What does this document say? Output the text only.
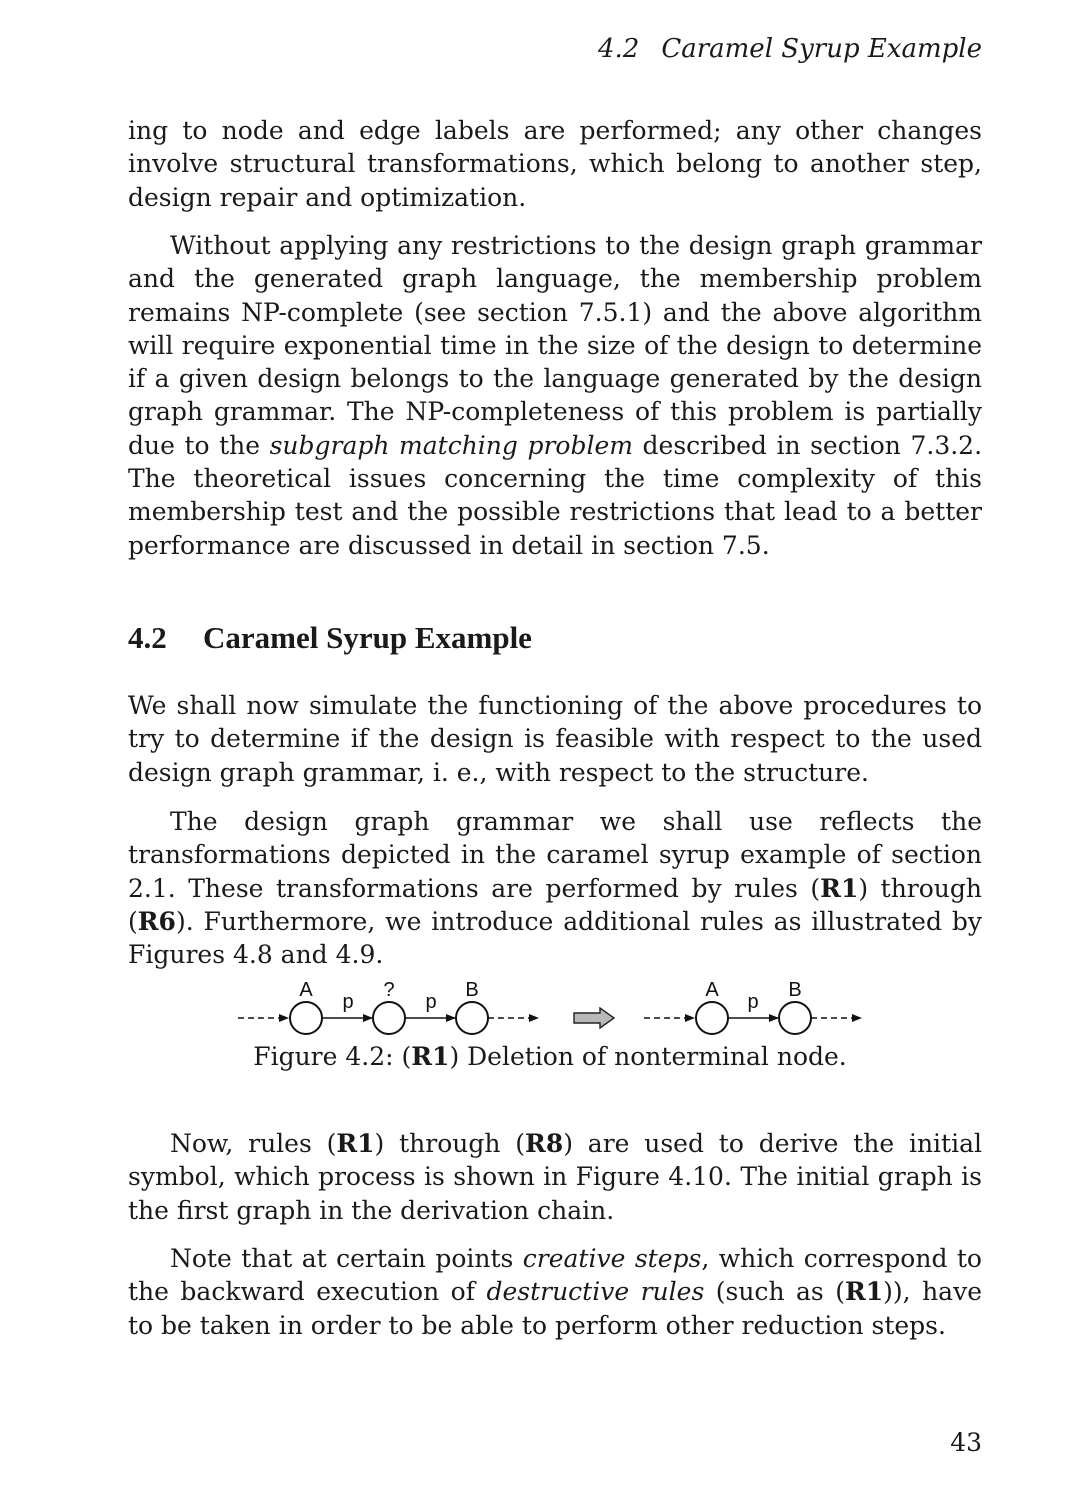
4.2 Caramel Syrup Example

ing to node and edge labels are performed; any other changes involve structural transformations, which belong to another step, design repair and optimization.

Without applying any restrictions to the design graph grammar and the generated graph language, the membership problem remains NP-complete (see section 7.5.1) and the above algorithm will require exponential time in the size of the design to determine if a given design belongs to the language generated by the design graph grammar. The NP-completeness of this problem is partially due to the subgraph matching problem described in section 7.3.2. The theoretical issues concerning the time complexity of this membership test and the possible restrictions that lead to a better performance are discussed in detail in section 7.5.

4.2 Caramel Syrup Example

We shall now simulate the functioning of the above procedures to try to determine if the design is feasible with respect to the used design graph grammar, i. e., with respect to the structure.

The design graph grammar we shall use reflects the transformations depicted in the caramel syrup example of section 2.1. These transformations are performed by rules (R1) through (R6). Furthermore, we introduce additional rules as illustrated by Figures 4.8 and 4.9.

A	?	B
p	p
A	B
p
Figure 4.2: (R1) Deletion of nonterminal node.

Now, rules (R1) through (R8) are used to derive the initial symbol, which process is shown in Figure 4.10. The initial graph is the first graph in the derivation chain.

Note that at certain points creative steps, which correspond to the backward execution of destructive rules (such as (R1)), have to be taken in order to be able to perform other reduction steps.

43
